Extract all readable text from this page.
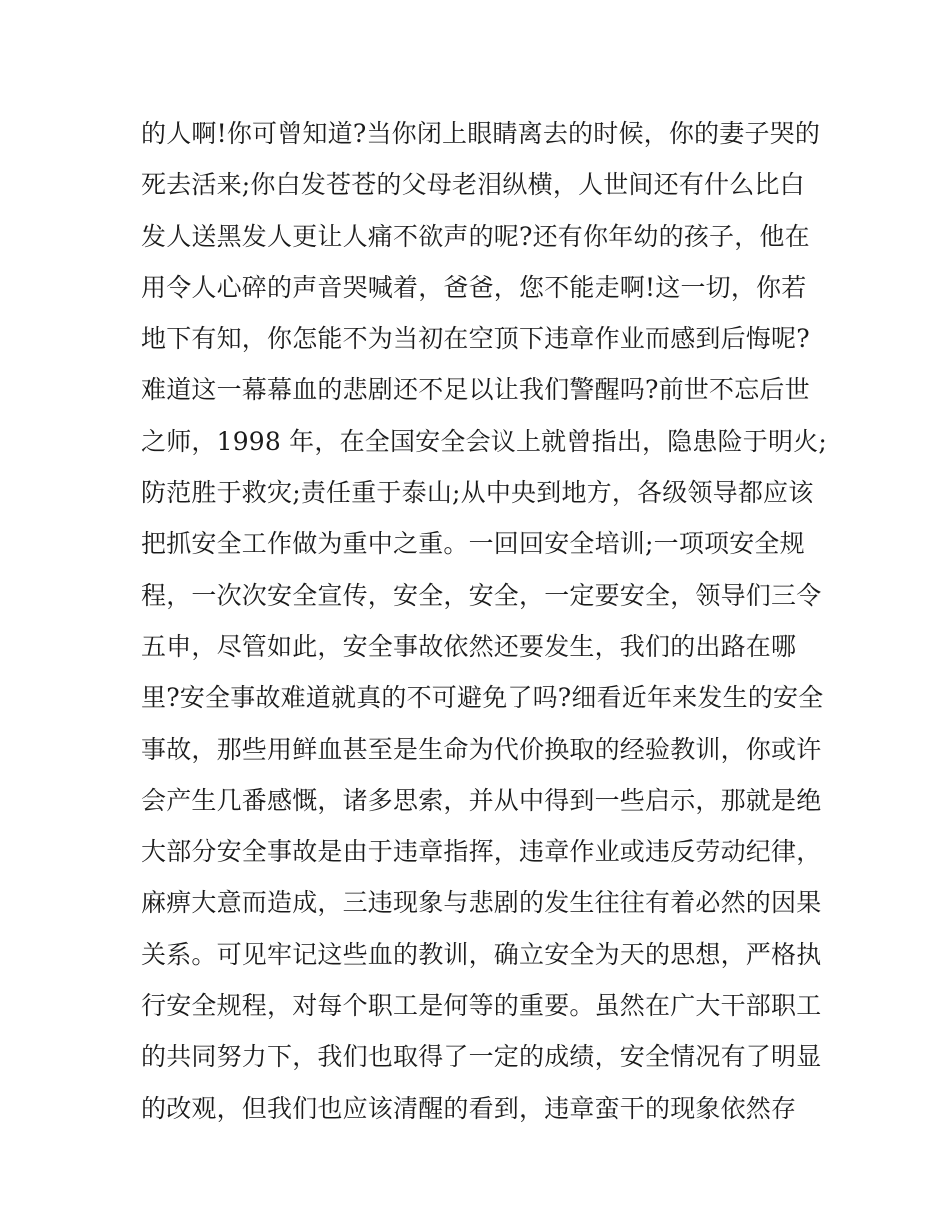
的人啊!你可曾知道?当你闭上眼睛离去的时候，你的妻子哭的
死去活来;你白发苍苍的父母老泪纵横，人世间还有什么比白
发人送黑发人更让人痛不欲声的呢?还有你年幼的孩子，他在
用令人心碎的声音哭喊着，爸爸，您不能走啊!这一切，你若
地下有知，你怎能不为当初在空顶下违章作业而感到后悔呢?
难道这一幕幕血的悲剧还不足以让我们警醒吗?前世不忘后世
之师，1998 年，在全国安全会议上就曾指出，隐患险于明火;
防范胜于救灾;责任重于泰山;从中央到地方，各级领导都应该
把抓安全工作做为重中之重。一回回安全培训;一项项安全规
程，一次次安全宣传，安全，安全，一定要安全，领导们三令
五申，尽管如此，安全事故依然还要发生，我们的出路在哪
里?安全事故难道就真的不可避免了吗?细看近年来发生的安全
事故，那些用鲜血甚至是生命为代价换取的经验教训，你或许
会产生几番感慨，诸多思索，并从中得到一些启示，那就是绝
大部分安全事故是由于违章指挥，违章作业或违反劳动纪律，
麻痹大意而造成，三违现象与悲剧的发生往往有着必然的因果
关系。可见牢记这些血的教训，确立安全为天的思想，严格执
行安全规程，对每个职工是何等的重要。虽然在广大干部职工
的共同努力下，我们也取得了一定的成绩，安全情况有了明显
的改观，但我们也应该清醒的看到，违章蛮干的现象依然存
